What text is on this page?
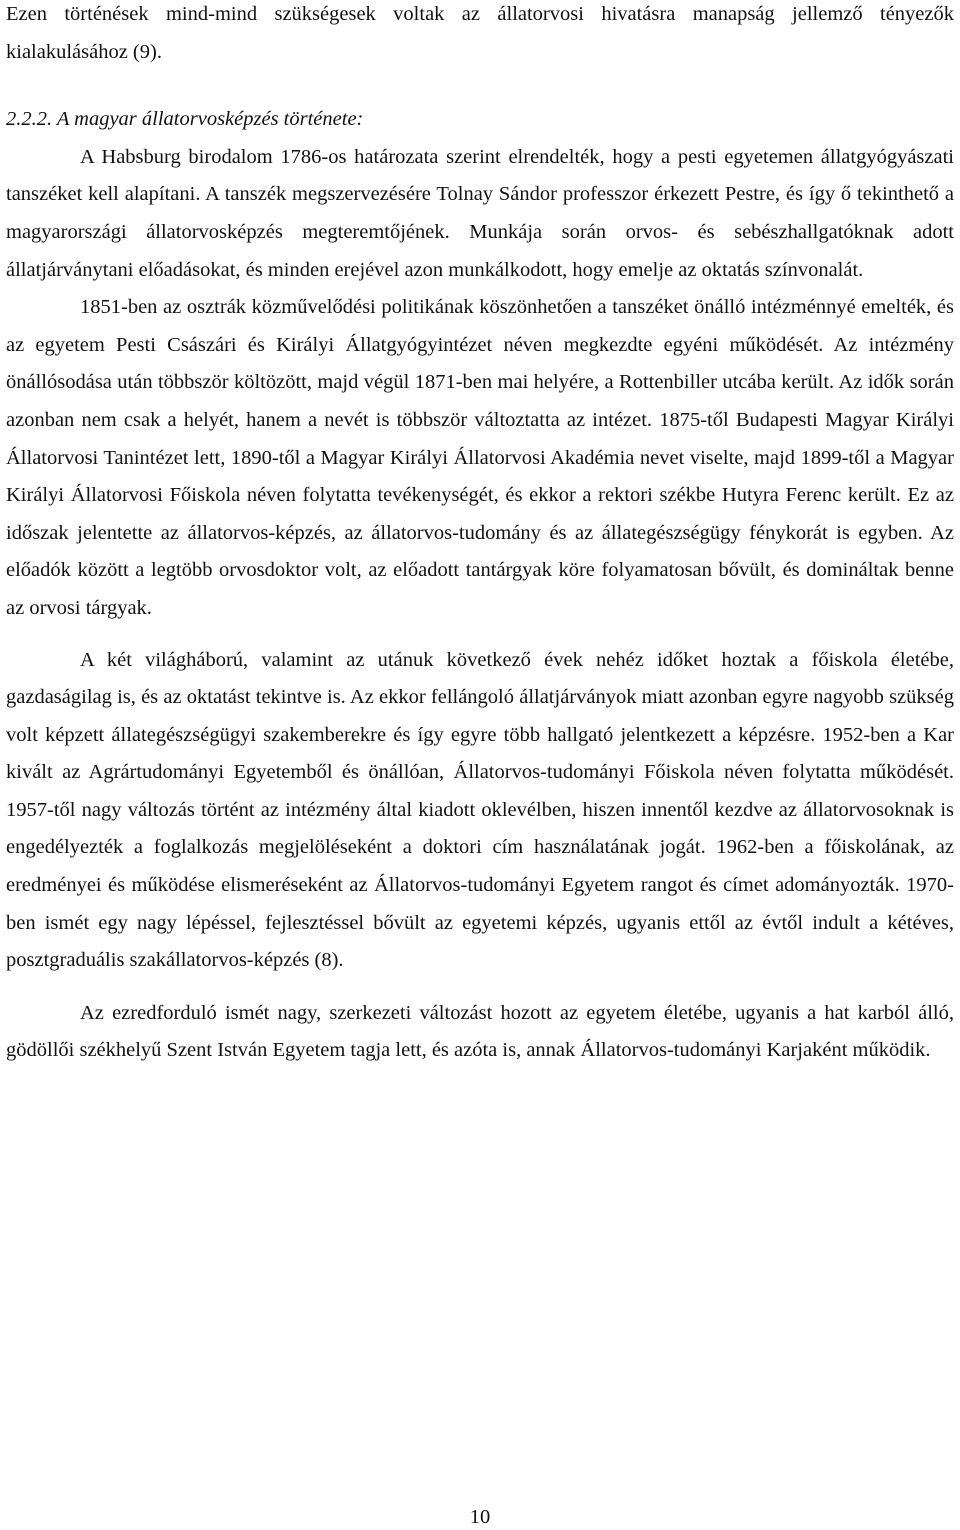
Ezen történések mind-mind szükségesek voltak az állatorvosi hivatásra manapság jellemző tényezők kialakulásához (9).

2.2.2. A magyar állatorvosképzés története:

A Habsburg birodalom 1786-os határozata szerint elrendelték, hogy a pesti egyetemen állatgyógyászati tanszéket kell alapítani. A tanszék megszervezésére Tolnay Sándor professzor érkezett Pestre, és így ő tekinthető a magyarországi állatorvosképzés megteremtőjének. Munkája során orvos- és sebészhallgatóknak adott állatjárványtani előadásokat, és minden erejével azon munkálkodott, hogy emelje az oktatás színvonalát.

1851-ben az osztrák közművelődési politikának köszönhetően a tanszéket önálló intézménnyé emelték, és az egyetem Pesti Császári és Királyi Állatgyógyintézet néven megkezdte egyéni működését. Az intézmény önállósodása után többször költözött, majd végül 1871-ben mai helyére, a Rottenbiller utcába került. Az idők során azonban nem csak a helyét, hanem a nevét is többször változtatta az intézet. 1875-től Budapesti Magyar Királyi Állatorvosi Tanintézet lett, 1890-től a Magyar Királyi Állatorvosi Akadémia nevet viselte, majd 1899-től a Magyar Királyi Állatorvosi Főiskola néven folytatta tevékenységét, és ekkor a rektori székbe Hutyra Ferenc került. Ez az időszak jelentette az állatorvos-képzés, az állatorvos-tudomány és az állategészségügy fénykorát is egyben. Az előadók között a legtöbb orvosdoktor volt, az előadott tantárgyak köre folyamatosan bővült, és domináltak benne az orvosi tárgyak.

A két világháború, valamint az utánuk következő évek nehéz időket hoztak a főiskola életébe, gazdaságilag is, és az oktatást tekintve is. Az ekkor fellángoló állatjárványok miatt azonban egyre nagyobb szükség volt képzett állategészségügyi szakemberekre és így egyre több hallgató jelentkezett a képzésre. 1952-ben a Kar kivált az Agrártudományi Egyetemből és önállóan, Állatorvos-tudományi Főiskola néven folytatta működését. 1957-től nagy változás történt az intézmény által kiadott oklevélben, hiszen innentől kezdve az állatorvosoknak is engedélyezték a foglalkozás megjelöléseként a doktori cím használatának jogát. 1962-ben a főiskolának, az eredményei és működése elismeréseként az Állatorvos-tudományi Egyetem rangot és címet adományozták. 1970-ben ismét egy nagy lépéssel, fejlesztéssel bővült az egyetemi képzés, ugyanis ettől az évtől indult a kétéves, posztgraduális szakállatorvos-képzés (8).

Az ezredforduló ismét nagy, szerkezeti változást hozott az egyetem életébe, ugyanis a hat karból álló, gödöllői székhelyű Szent István Egyetem tagja lett, és azóta is, annak Állatorvos-tudományi Karjaként működik.

10
